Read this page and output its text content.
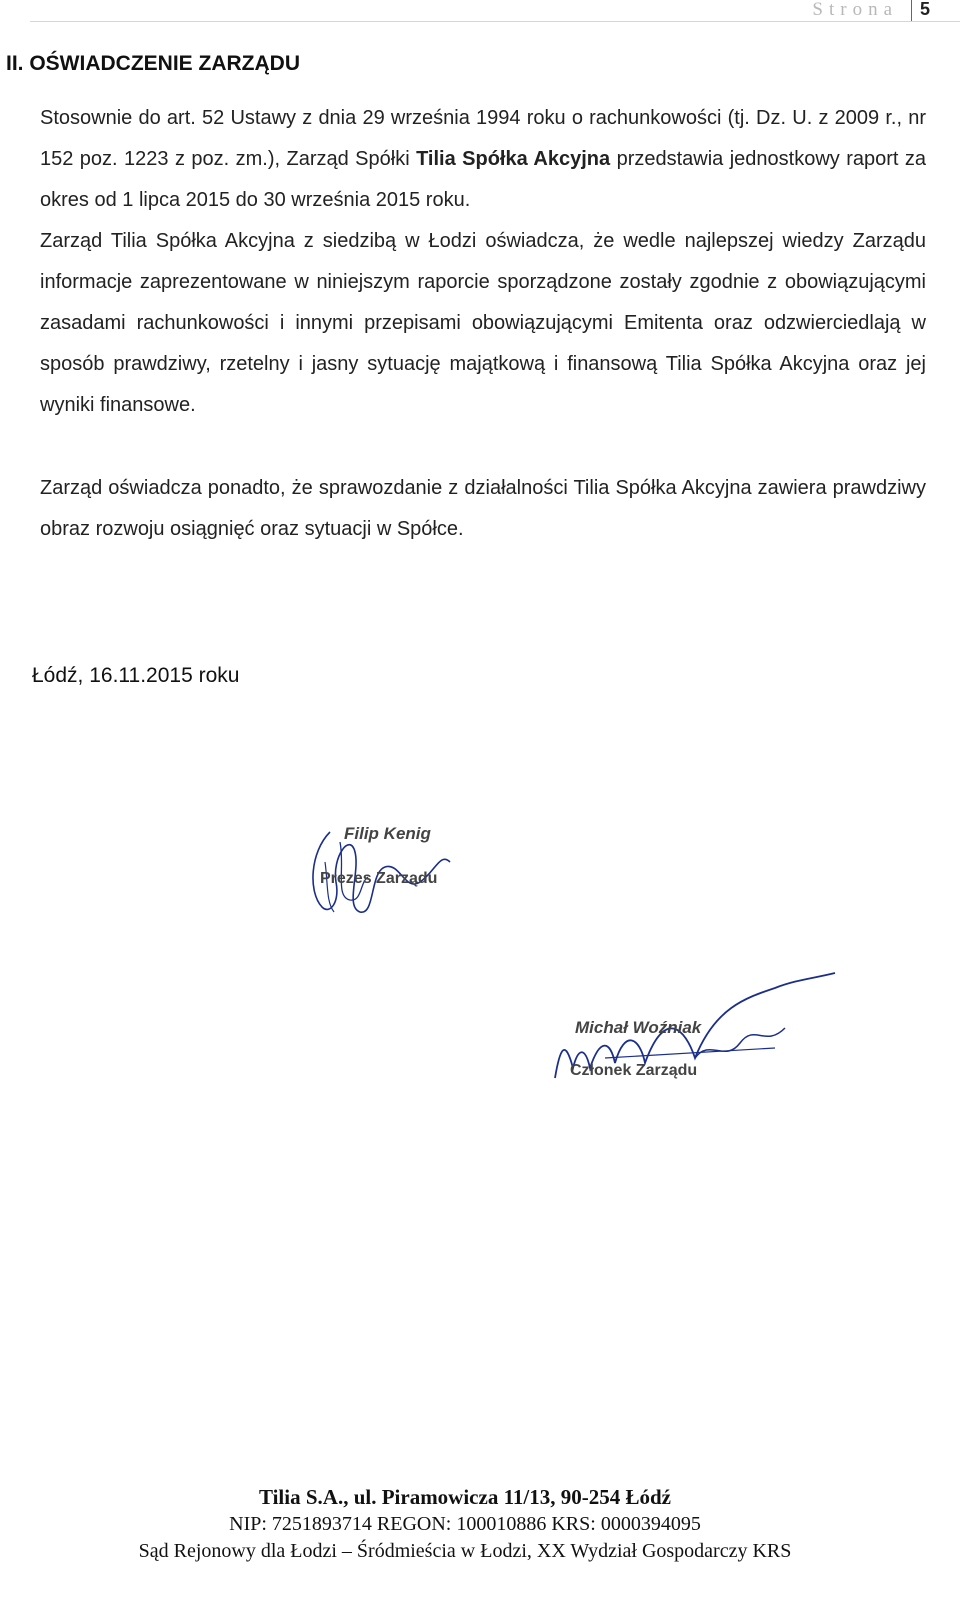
Strona 5
II. OŚWIADCZENIE ZARZĄDU

Stosownie do art. 52 Ustawy z dnia 29 września 1994 roku o rachunkowości (tj. Dz. U. z 2009 r., nr 152 poz. 1223 z poz. zm.), Zarząd Spółki Tilia Spółka Akcyjna przedstawia jednostkowy raport za okres od 1 lipca 2015 do 30 września 2015 roku.

Zarząd Tilia Spółka Akcyjna z siedzibą w Łodzi oświadcza, że wedle najlepszej wiedzy Zarządu informacje zaprezentowane w niniejszym raporcie sporządzone zostały zgodnie z obowiązującymi zasadami rachunkowości i innymi przepisami obowiązującymi Emitenta oraz odzwierciedlają w sposób prawdziwy, rzetelny i jasny sytuację majątkową i finansową Tilia Spółka Akcyjna oraz jej wyniki finansowe.

Zarząd oświadcza ponadto, że sprawozdanie z działalności Tilia Spółka Akcyjna zawiera prawdziwy obraz rozwoju osiągnięć oraz sytuacji w Spółce.

Łódź, 16.11.2015 roku
Filip Kenig
Prezes Zarządu
Michał Woźniak
Członek Zarządu
Tilia S.A., ul. Piramowicza 11/13, 90-254 Łódź
NIP: 7251893714 REGON: 100010886 KRS: 0000394095
Sąd Rejonowy dla Łodzi – Śródmieścia w Łodzi, XX Wydział Gospodarczy KRS
